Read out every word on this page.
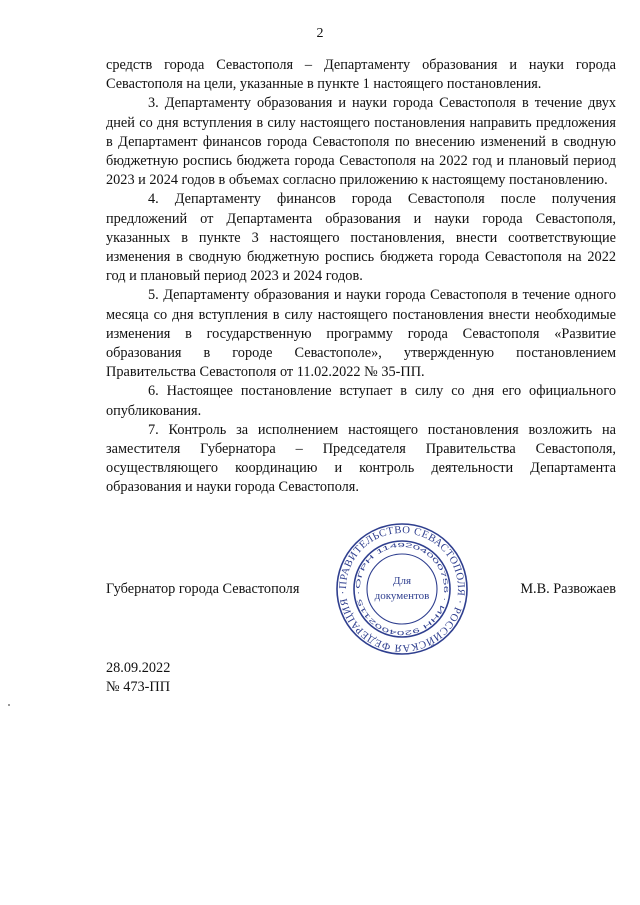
2

средств города Севастополя – Департаменту образования и науки города Севастополя на цели, указанные в пункте 1 настоящего постановления.

3. Департаменту образования и науки города Севастополя в течение двух дней со дня вступления в силу настоящего постановления направить предложения в Департамент финансов города Севастополя по внесению изменений в сводную бюджетную роспись бюджета города Севастополя на 2022 год и плановый период 2023 и 2024 годов в объемах согласно приложению к настоящему постановлению.

4. Департаменту финансов города Севастополя после получения предложений от Департамента образования и науки города Севастополя, указанных в пункте 3 настоящего постановления, внести соответствующие изменения в сводную бюджетную роспись бюджета города Севастополя на 2022 год и плановый период 2023 и 2024 годов.

5. Департаменту образования и науки города Севастополя в течение одного месяца со дня вступления в силу настоящего постановления внести необходимые изменения в государственную программу города Севастополя «Развитие образования в городе Севастополе», утвержденную постановлением Правительства Севастополя от 11.02.2022 № 35-ПП.

6. Настоящее постановление вступает в силу со дня его официального опубликования.

7. Контроль за исполнением настоящего постановления возложить на заместителя Губернатора – Председателя Правительства Севастополя, осуществляющего координацию и контроль деятельности Департамента образования и науки города Севастополя.

Губернатор города Севастополя	ПРАВИТЕЛЬСТВО СЕВАСТОПОЛЯ · РОССИЙСКАЯ ФЕДЕРАЦИЯ ·
ОГРН 1149204000756 · ИНН 9204002115 ·
Для
документов	М.В. Развожаев
28.09.2022
№ 473-ПП
